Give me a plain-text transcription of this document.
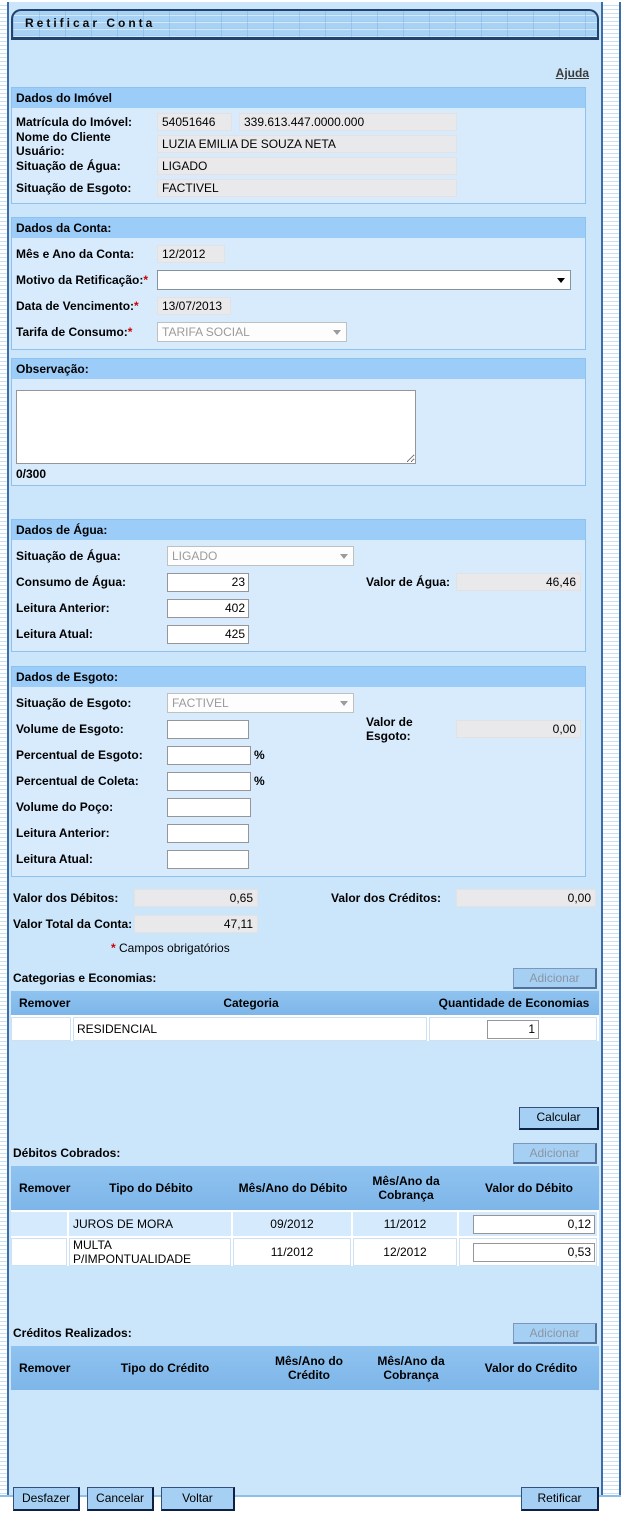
Retificar Conta
Ajuda
Dados do Imóvel
Matrícula do Imóvel:	54051646	339.613.447.0000.000
Nome do Cliente Usuário:	LUZIA EMILIA DE SOUZA NETA
Situação de Água:	LIGADO
Situação de Esgoto:	FACTIVEL
Dados da Conta:
Mês e Ano da Conta:	12/2012
Motivo da Retificação:*
Data de Vencimento:*	13/07/2013
Tarifa de Consumo:*	TARIFA SOCIAL
Observação:
0/300
Dados de Água:
Situação de Água:	LIGADO
Consumo de Água:
23	Valor de Água:	46,46
Leitura Anterior:
402
Leitura Atual:
425
Dados de Esgoto:
Situação de Esgoto:	FACTIVEL
Volume de Esgoto:	Valor de Esgoto:	0,00
Percentual de Esgoto:	%
Percentual de Coleta:	%
Volume do Poço:
Leitura Anterior:
Leitura Atual:
Valor dos Débitos:	0,65	Valor dos Créditos:	0,00
Valor Total da Conta:	47,11
* Campos obrigatórios
Categorias e Economias:	Adicionar
Remover	Categoria	Quantidade de Economias
	RESIDENCIAL	1
Calcular
Débitos Cobrados:	Adicionar
Remover	Tipo do Débito	Mês/Ano do Débito	Mês/Ano da Cobrança	Valor do Débito
	JUROS DE MORA	09/2012	11/2012	0,12
	MULTA P/IMPONTUALIDADE	11/2012	12/2012	0,53
Créditos Realizados:	Adicionar
Remover	Tipo do Crédito	Mês/Ano do Crédito	Mês/Ano da Cobrança	Valor do Crédito
Desfazer	Cancelar	Voltar	Retificar
